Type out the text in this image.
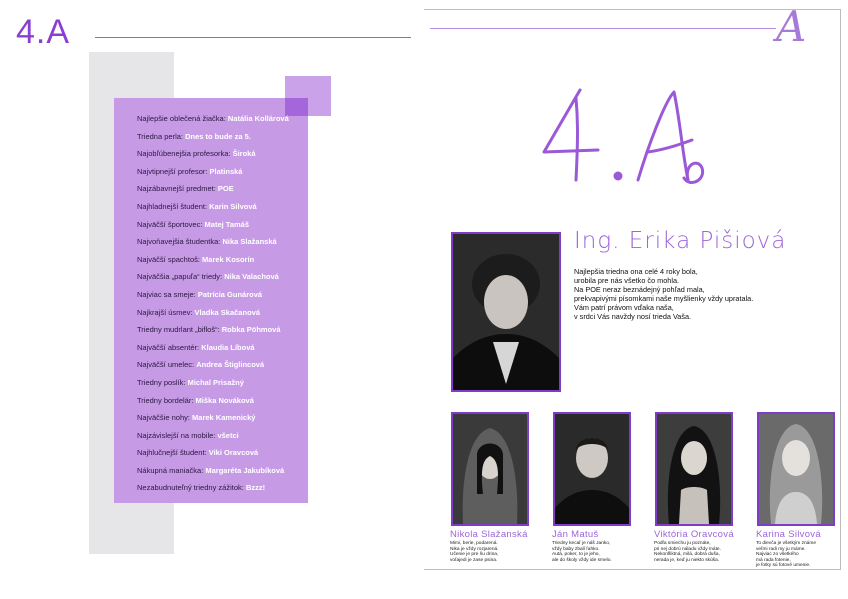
4.A
Najlepšie oblečená žiačka: Natália Kollárová
Triedna perla: Dnes to bude za 5.
Najobľúbenejšia profesorka: Široká
Najvtipnejší profesor: Platinská
Najzábavnejší predmet: POE
Najhladnejší študent: Karin Silvová
Najväčší športovec: Matej Tamáš
Najvoňavejšia študentka: Nika Slažanská
Najväčší spachtoš: Marek Kosorín
Najväčšia „papuľa“ triedy: Nika Valachová
Najviac sa smeje: Patrícia Gunárová
Najkrajší úsmev: Vladka Skačanová
Triedny mudrlant „bifloš“: Robka Pöhmová
Najväčší absentér: Klaudia Líbová
Najväčší umelec: Andrea Štiglincová
Triedny poslík: Michal Prisažný
Triedny bordelár: Miška Nováková
Najväčšie nohy: Marek Kamenický
Najzávislejší na mobile: všetci
Najhlučnejší študent: Viki Oravcová
Nákupná maniačka: Margaréta Jakubíková
Nezabudnuteľný triedny zážitok: Bzzz!
A
Ing. Erika Pišiová
Najlepšia triedna ona celé 4 roky bola,
urobila pre nás všetko čo mohla.
Na POE neraz beznádejný pohľad mala,
prekvapivými písomkami naše myšlienky vždy upratala.
Vám patrí právom vďaka naša,
v srdci Vás navždy nosí trieda Vaša.
Nikola Slažanská
Mimi, berie, podarená.
Nika je vždy rozjarená.
Učenie je pre ňu drina,
voľajedi je zase psina.
Ján Matuš
Triedny kecaľ je náš Janko,
vždy baby zbalí ľahko.
Autá, poker, to je jeho,
ale do školy vždy ide smelo.
Viktória Oravcová
Podľa smiechu ju poznáte,
pri nej dobrú náladu vždy máte.
Nekonfliktná, milá, dobrá duša,
nerada je, keď ju niekto skúša.
Karina Silvová
To dievča je všetkým známe
veľmi radi my ju máme.
Najviac zo všetkého
má rada fotenie,
je fotky sú fotové umenie.
